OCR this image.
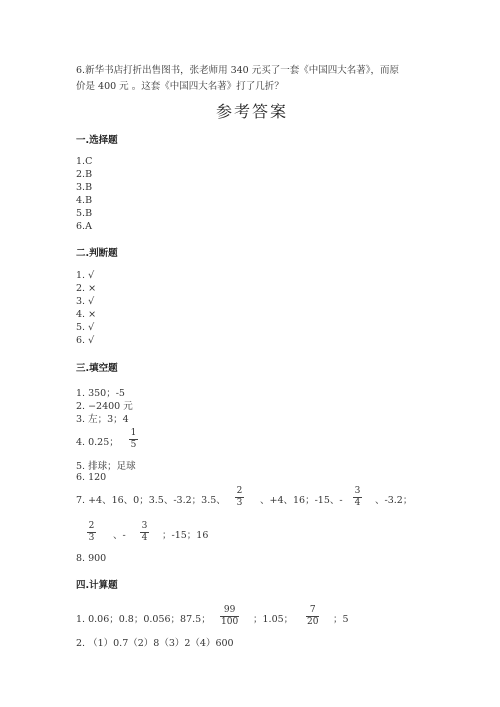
6.新华书店打折出售图书，张老师用 340 元买了一套《中国四大名著》，而原
价是 400 元 。这套《中国四大名著》打了几折？
参考答案
一.选择题
1.C
2.B
3.B
4.B
5.B
6.A
二.判断题
1. √
2. ×
3. √
4. ×
5. √
6. √
三.填空题
1. 350；-5
2. −2400 元
3. 左；3；4
4. 0.25；
1
5
5. 排球；足球
6. 120
7. +4、16、0；3.5、-3.2；3.5、
2
3 、+4、16；-15、-
3
4 、-3.2；
2
3 、-
3
4 ；-15；16
8. 900
四.计算题
1. 0.06；0.8；0.056；87.5；
99
100 ；1.05；
7
20 ；5
2. （1）0.7（2）8（3）2（4）600
